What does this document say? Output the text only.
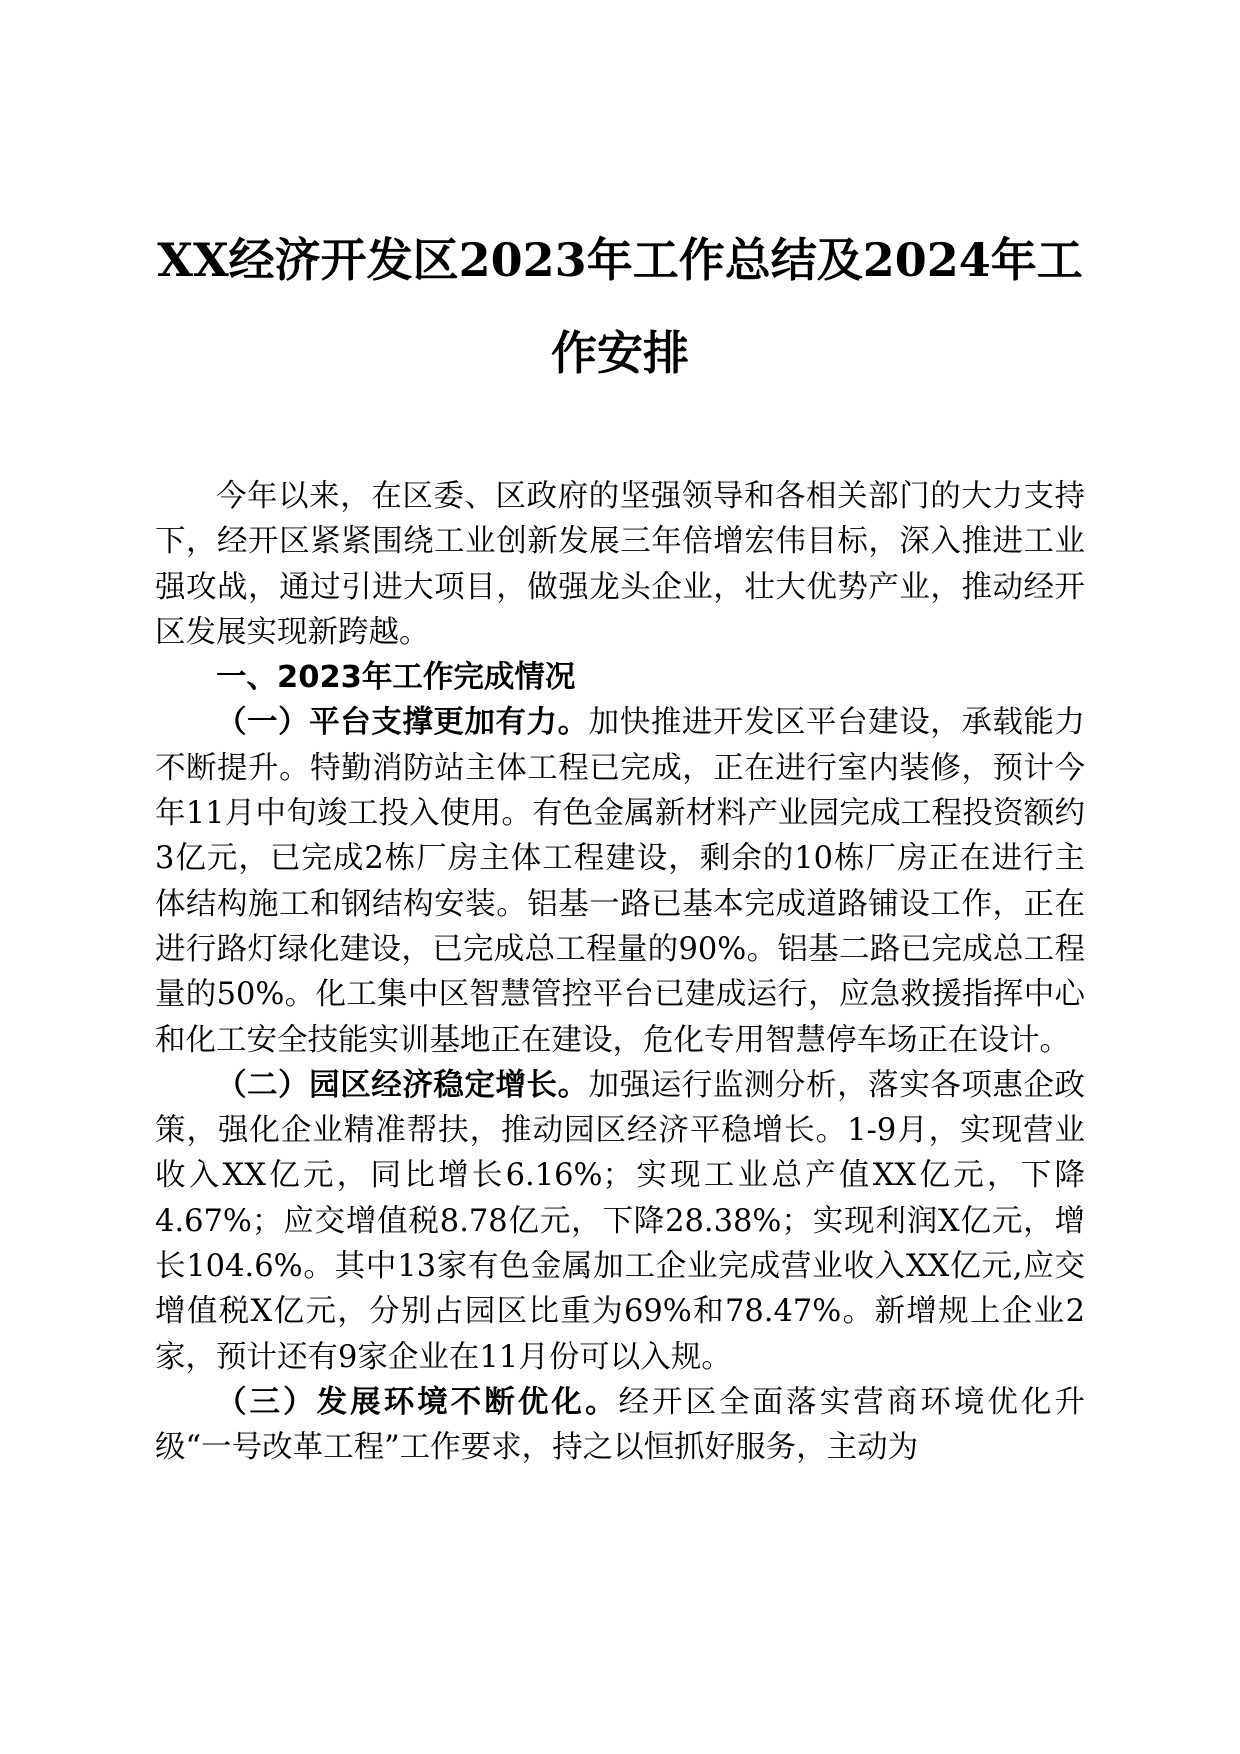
XX经济开发区2023年工作总结及2024年工作安排

今年以来，在区委、区政府的坚强领导和各相关部门的大力支持下，经开区紧紧围绕工业创新发展三年倍增宏伟目标，深入推进工业强攻战，通过引进大项目，做强龙头企业，壮大优势产业，推动经开区发展实现新跨越。

一、2023年工作完成情况

（一）平台支撑更加有力。加快推进开发区平台建设，承载能力不断提升。特勤消防站主体工程已完成，正在进行室内装修，预计今年11月中旬竣工投入使用。有色金属新材料产业园完成工程投资额约3亿元，已完成2栋厂房主体工程建设，剩余的10栋厂房正在进行主体结构施工和钢结构安装。铝基一路已基本完成道路铺设工作，正在进行路灯绿化建设，已完成总工程量的90%。铝基二路已完成总工程量的50%。化工集中区智慧管控平台已建成运行，应急救援指挥中心和化工安全技能实训基地正在建设，危化专用智慧停车场正在设计。

（二）园区经济稳定增长。加强运行监测分析，落实各项惠企政策，强化企业精准帮扶，推动园区经济平稳增长。1-9月，实现营业收入XX亿元，同比增长6.16%；实现工业总产值XX亿元，下降4.67%；应交增值税8.78亿元，下降28.38%；实现利润X亿元，增长104.6%。其中13家有色金属加工企业完成营业收入XX亿元,应交增值税X亿元，分别占园区比重为69%和78.47%。新增规上企业2家，预计还有9家企业在11月份可以入规。

（三）发展环境不断优化。经开区全面落实营商环境优化升级“一号改革工程”工作要求，持之以恒抓好服务，主动为
